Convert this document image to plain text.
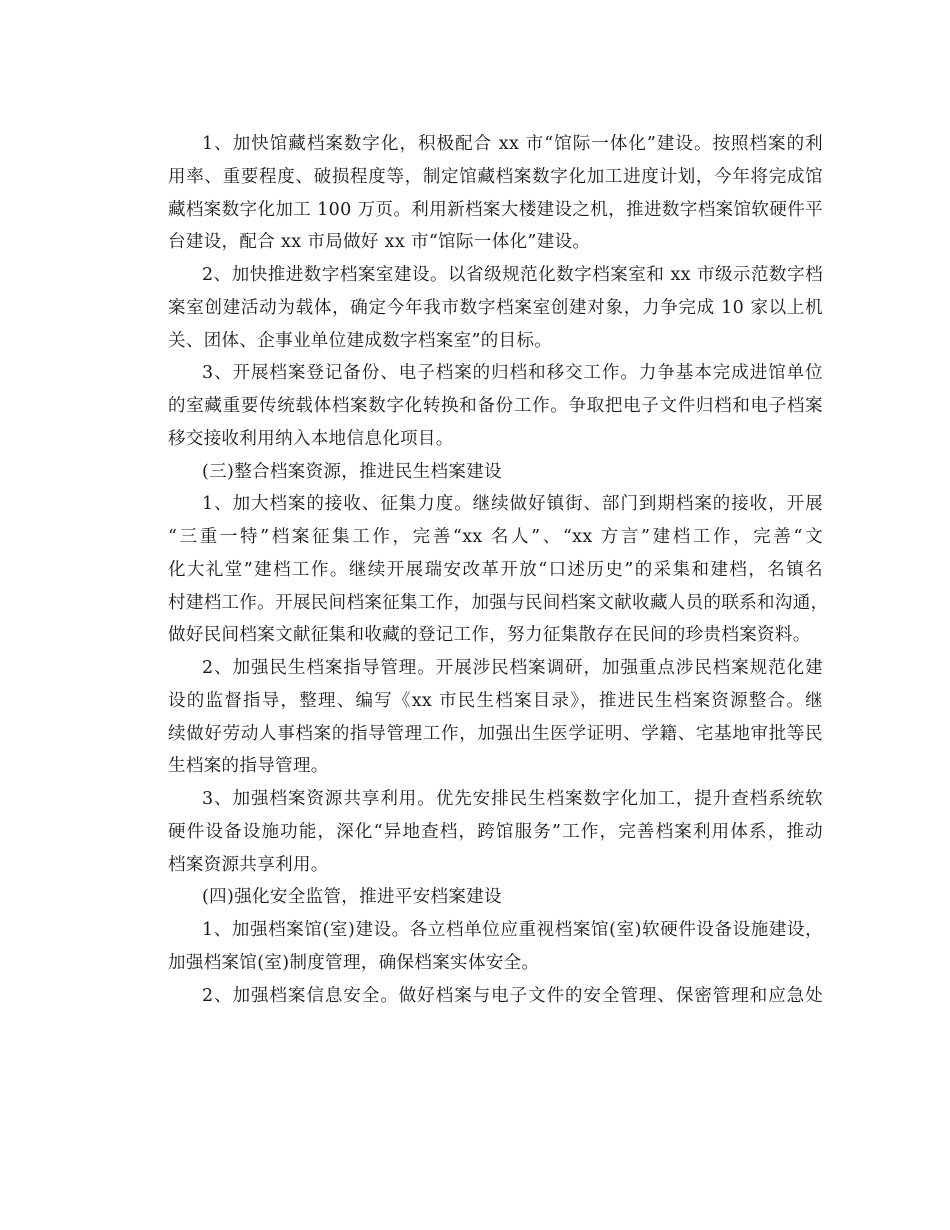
1、加快馆藏档案数字化，积极配合 xx 市“馆际一体化”建设。按照档案的利
用率、重要程度、破损程度等，制定馆藏档案数字化加工进度计划，今年将完成馆
藏档案数字化加工 100 万页。利用新档案大楼建设之机，推进数字档案馆软硬件平
台建设，配合 xx 市局做好 xx 市“馆际一体化”建设。
2、加快推进数字档案室建设。以省级规范化数字档案室和 xx 市级示范数字档
案室创建活动为载体，确定今年我市数字档案室创建对象，力争完成 10 家以上机
关、团体、企事业单位建成数字档案室”的目标。
3、开展档案登记备份、电子档案的归档和移交工作。力争基本完成进馆单位
的室藏重要传统载体档案数字化转换和备份工作。争取把电子文件归档和电子档案
移交接收利用纳入本地信息化项目。
(三)整合档案资源，推进民生档案建设
1、加大档案的接收、征集力度。继续做好镇街、部门到期档案的接收，开展
“三重一特”档案征集工作，完善“xx 名人”、“xx 方言”建档工作，完善“文
化大礼堂”建档工作。继续开展瑞安改革开放“口述历史”的采集和建档，名镇名
村建档工作。开展民间档案征集工作，加强与民间档案文献收藏人员的联系和沟通，
做好民间档案文献征集和收藏的登记工作，努力征集散存在民间的珍贵档案资料。
2、加强民生档案指导管理。开展涉民档案调研，加强重点涉民档案规范化建
设的监督指导，整理、编写《xx 市民生档案目录》，推进民生档案资源整合。继
续做好劳动人事档案的指导管理工作，加强出生医学证明、学籍、宅基地审批等民
生档案的指导管理。
3、加强档案资源共享利用。优先安排民生档案数字化加工，提升查档系统软
硬件设备设施功能，深化“异地查档，跨馆服务”工作，完善档案利用体系，推动
档案资源共享利用。
(四)强化安全监管，推进平安档案建设
1、加强档案馆(室)建设。各立档单位应重视档案馆(室)软硬件设备设施建设，
加强档案馆(室)制度管理，确保档案实体安全。
2、加强档案信息安全。做好档案与电子文件的安全管理、保密管理和应急处
